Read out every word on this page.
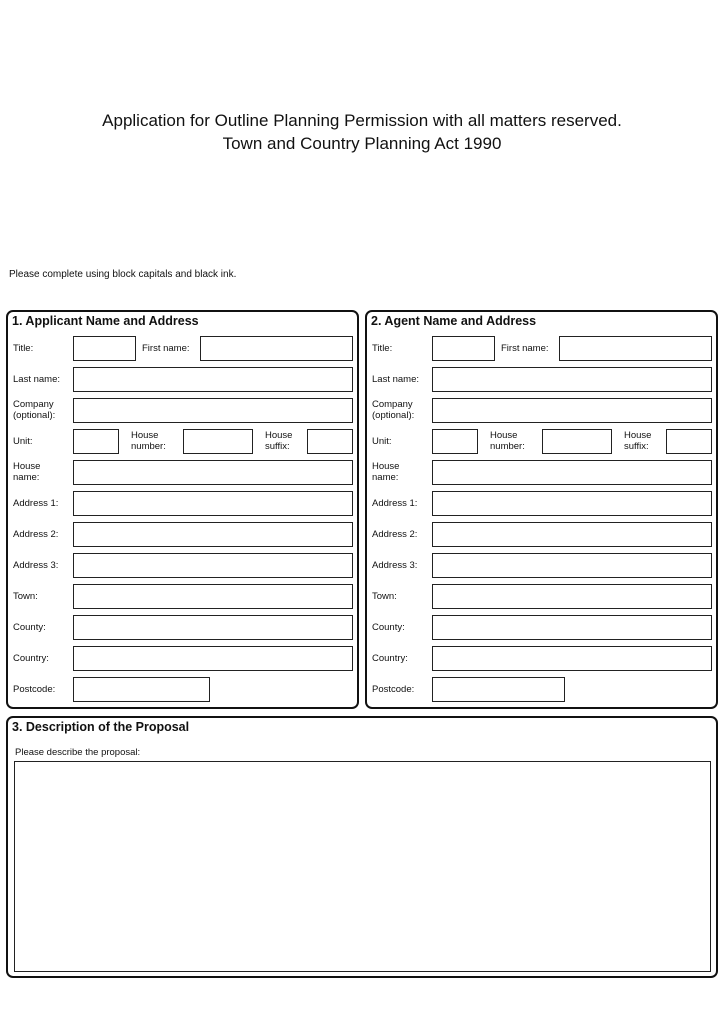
Application for Outline Planning Permission with all matters reserved.
Town and Country Planning Act 1990
Please complete using block capitals and black ink.
1. Applicant Name and Address
Title:	First name:
Last name:
Company
(optional):
Unit:
House
number:
House
suffix:
House
name:
Address 1:
Address 2:
Address 3:
Town:
County:
Country:
Postcode:
2. Agent Name and Address
Title:	First name:
Last name:
Company
(optional):
Unit:
House
number:
House
suffix:
House
name:
Address 1:
Address 2:
Address 3:
Town:
County:
Country:
Postcode:
3. Description of the Proposal
Please describe the proposal:
